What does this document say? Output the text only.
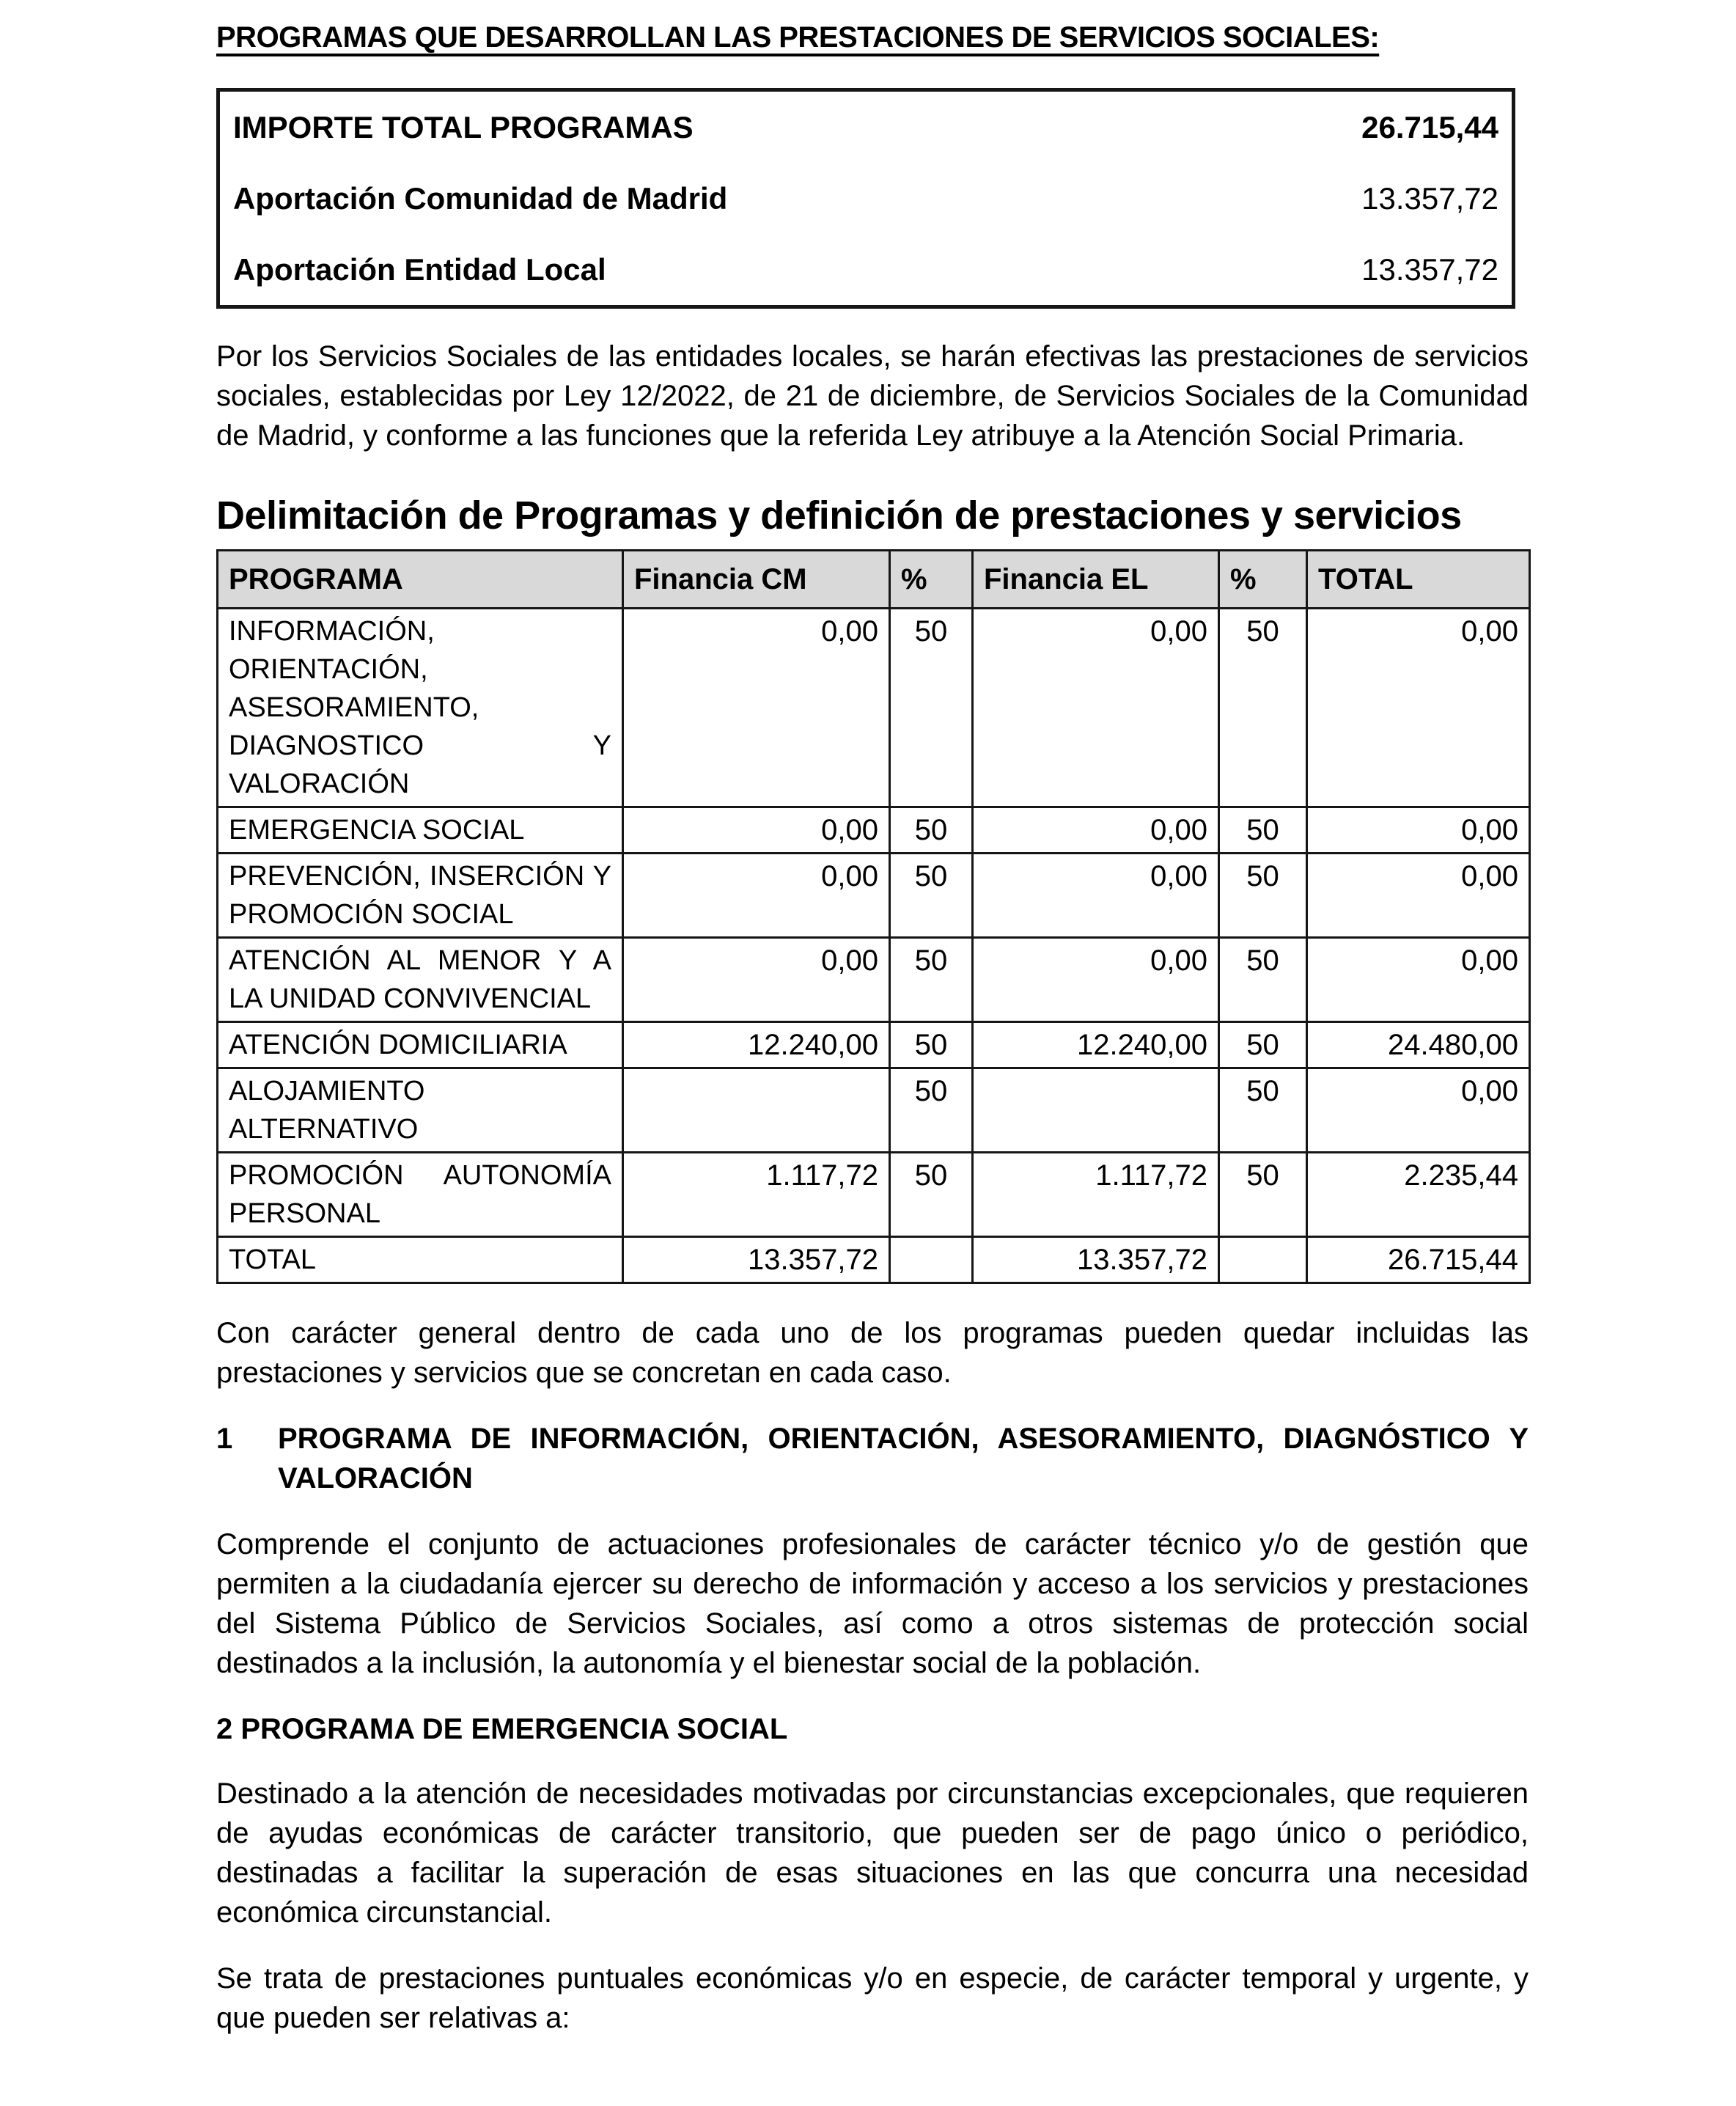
PROGRAMAS QUE DESARROLLAN LAS PRESTACIONES DE SERVICIOS SOCIALES:
IMPORTE TOTAL PROGRAMAS	26.715,44
Aportación Comunidad de Madrid	13.357,72
Aportación Entidad Local	13.357,72

Por los Servicios Sociales de las entidades locales, se harán efectivas las prestaciones de servicios sociales, establecidas por Ley 12/2022, de 21 de diciembre, de Servicios Sociales de la Comunidad de Madrid, y conforme a las funciones que la referida Ley atribuye a la Atención Social Primaria.

Delimitación de Programas y definición de prestaciones y servicios
PROGRAMA	Financia CM	%	Financia EL	%	TOTAL
INFORMACIÓN, ORIENTACIÓN, ASESORAMIENTO, DIAGNOSTICO Y VALORACIÓN	0,00	50	0,00	50	0,00
EMERGENCIA SOCIAL	0,00	50	0,00	50	0,00
PREVENCIÓN, INSERCIÓN Y PROMOCIÓN SOCIAL	0,00	50	0,00	50	0,00
ATENCIÓN AL MENOR Y A LA UNIDAD CONVIVENCIAL	0,00	50	0,00	50	0,00
ATENCIÓN DOMICILIARIA	12.240,00	50	12.240,00	50	24.480,00
ALOJAMIENTO ALTERNATIVO		50		50	0,00
PROMOCIÓN AUTONOMÍA PERSONAL	1.117,72	50	1.117,72	50	2.235,44
TOTAL	13.357,72		13.357,72		26.715,44

Con carácter general dentro de cada uno de los programas pueden quedar incluidas las prestaciones y servicios que se concretan en cada caso.

1 PROGRAMA DE INFORMACIÓN, ORIENTACIÓN, ASESORAMIENTO, DIAGNÓSTICO Y VALORACIÓN

Comprende el conjunto de actuaciones profesionales de carácter técnico y/o de gestión que permiten a la ciudadanía ejercer su derecho de información y acceso a los servicios y prestaciones del Sistema Público de Servicios Sociales, así como a otros sistemas de protección social destinados a la inclusión, la autonomía y el bienestar social de la población.

2 PROGRAMA DE EMERGENCIA SOCIAL

Destinado a la atención de necesidades motivadas por circunstancias excepcionales, que requieren de ayudas económicas de carácter transitorio, que pueden ser de pago único o periódico, destinadas a facilitar la superación de esas situaciones en las que concurra una necesidad económica circunstancial.

Se trata de prestaciones puntuales económicas y/o en especie, de carácter temporal y urgente, y que pueden ser relativas a:
